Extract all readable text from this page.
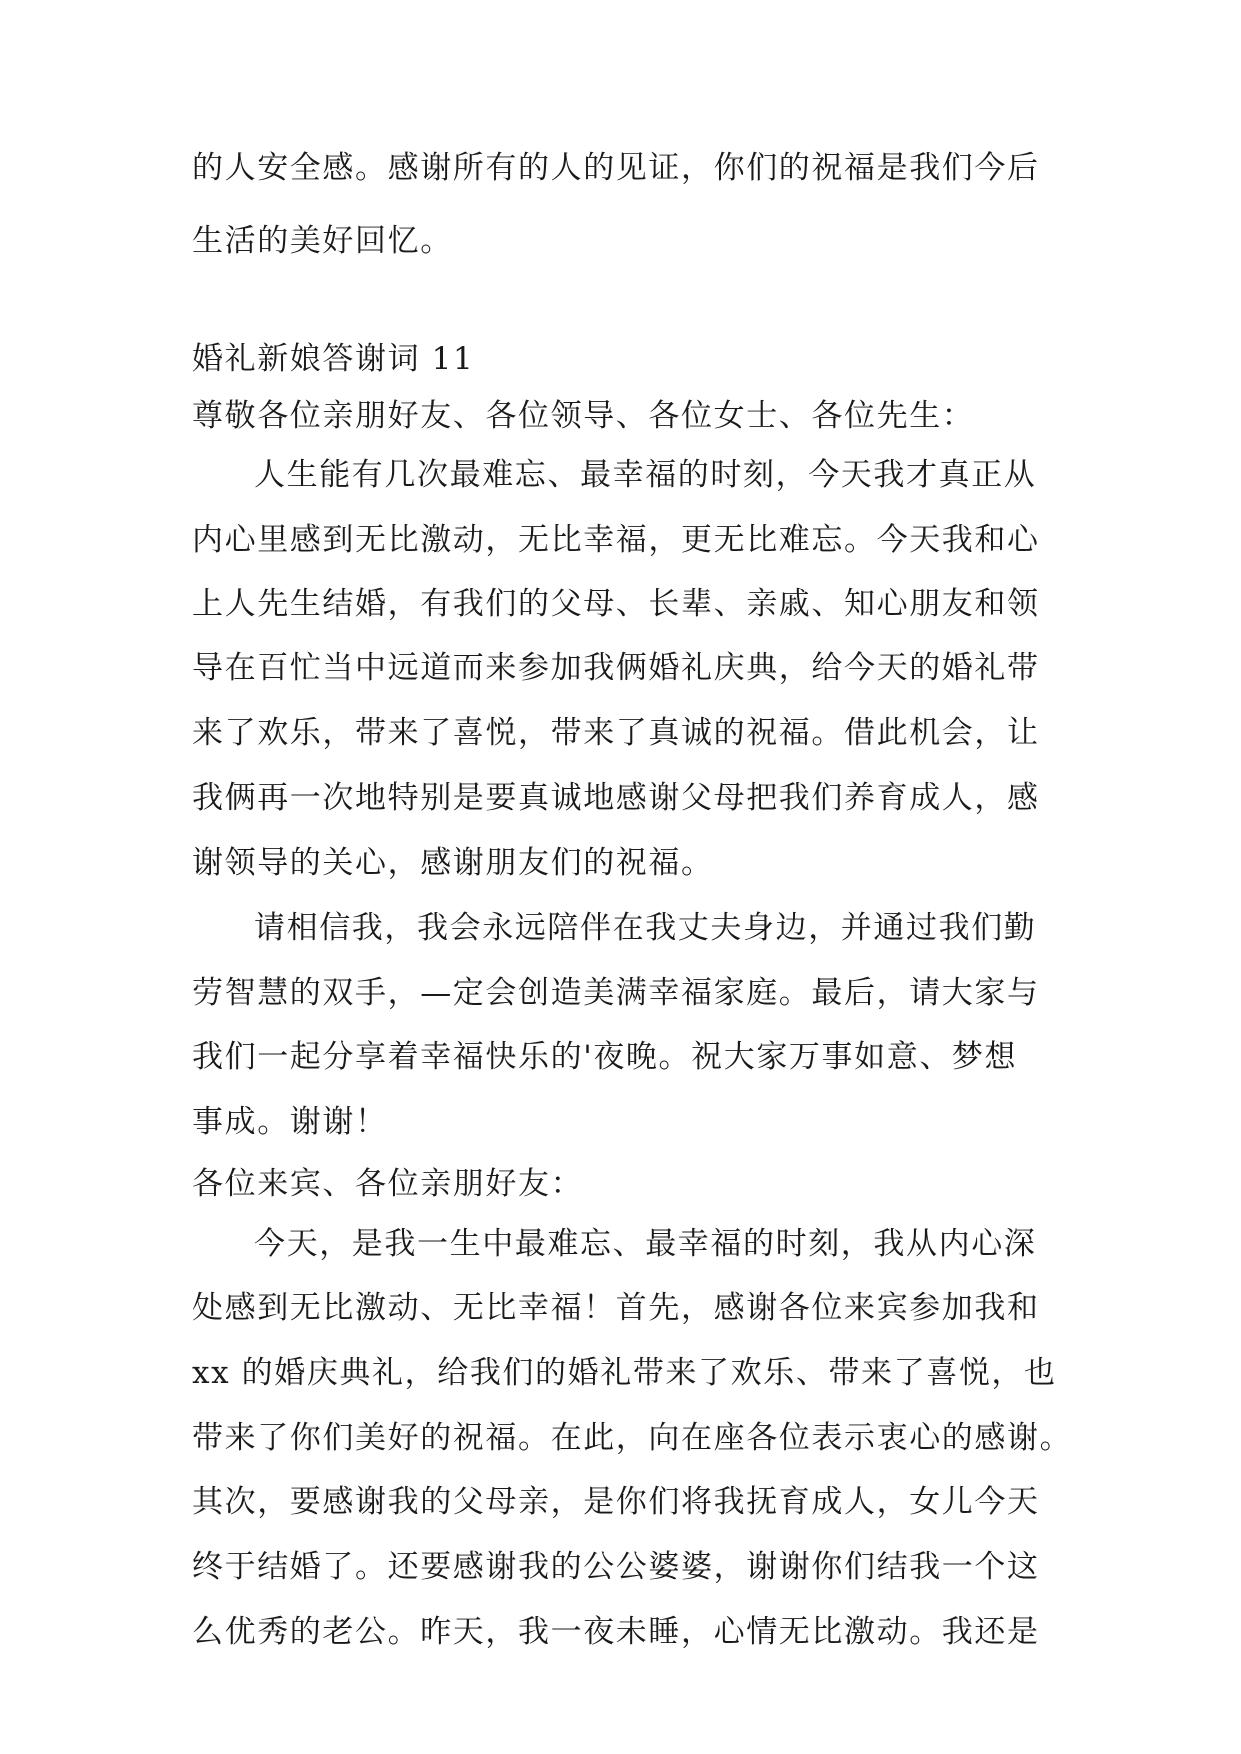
的人安全感。感谢所有的人的见证，你们的祝福是我们今后
生活的美好回忆。
婚礼新娘答谢词 11
尊敬各位亲朋好友、各位领导、各位女士、各位先生：
人生能有几次最难忘、最幸福的时刻，今天我才真正从
内心里感到无比激动，无比幸福，更无比难忘。今天我和心
上人先生结婚，有我们的父母、长辈、亲戚、知心朋友和领
导在百忙当中远道而来参加我俩婚礼庆典，给今天的婚礼带
来了欢乐，带来了喜悦，带来了真诚的祝福。借此机会，让
我俩再一次地特别是要真诚地感谢父母把我们养育成人，感
谢领导的关心，感谢朋友们的祝福。
请相信我，我会永远陪伴在我丈夫身边，并通过我们勤
劳智慧的双手，—定会创造美满幸福家庭。最后，请大家与
我们一起分享着幸福快乐的'夜晚。祝大家万事如意、梦想
事成。谢谢！
各位来宾、各位亲朋好友：
今天，是我一生中最难忘、最幸福的时刻，我从内心深
处感到无比激动、无比幸福！首先，感谢各位来宾参加我和
xx 的婚庆典礼，给我们的婚礼带来了欢乐、带来了喜悦，也
带来了你们美好的祝福。在此，向在座各位表示衷心的感谢。
其次，要感谢我的父母亲，是你们将我抚育成人，女儿今天
终于结婚了。还要感谢我的公公婆婆，谢谢你们结我一个这
么优秀的老公。昨天，我一夜未睡，心情无比激动。我还是
